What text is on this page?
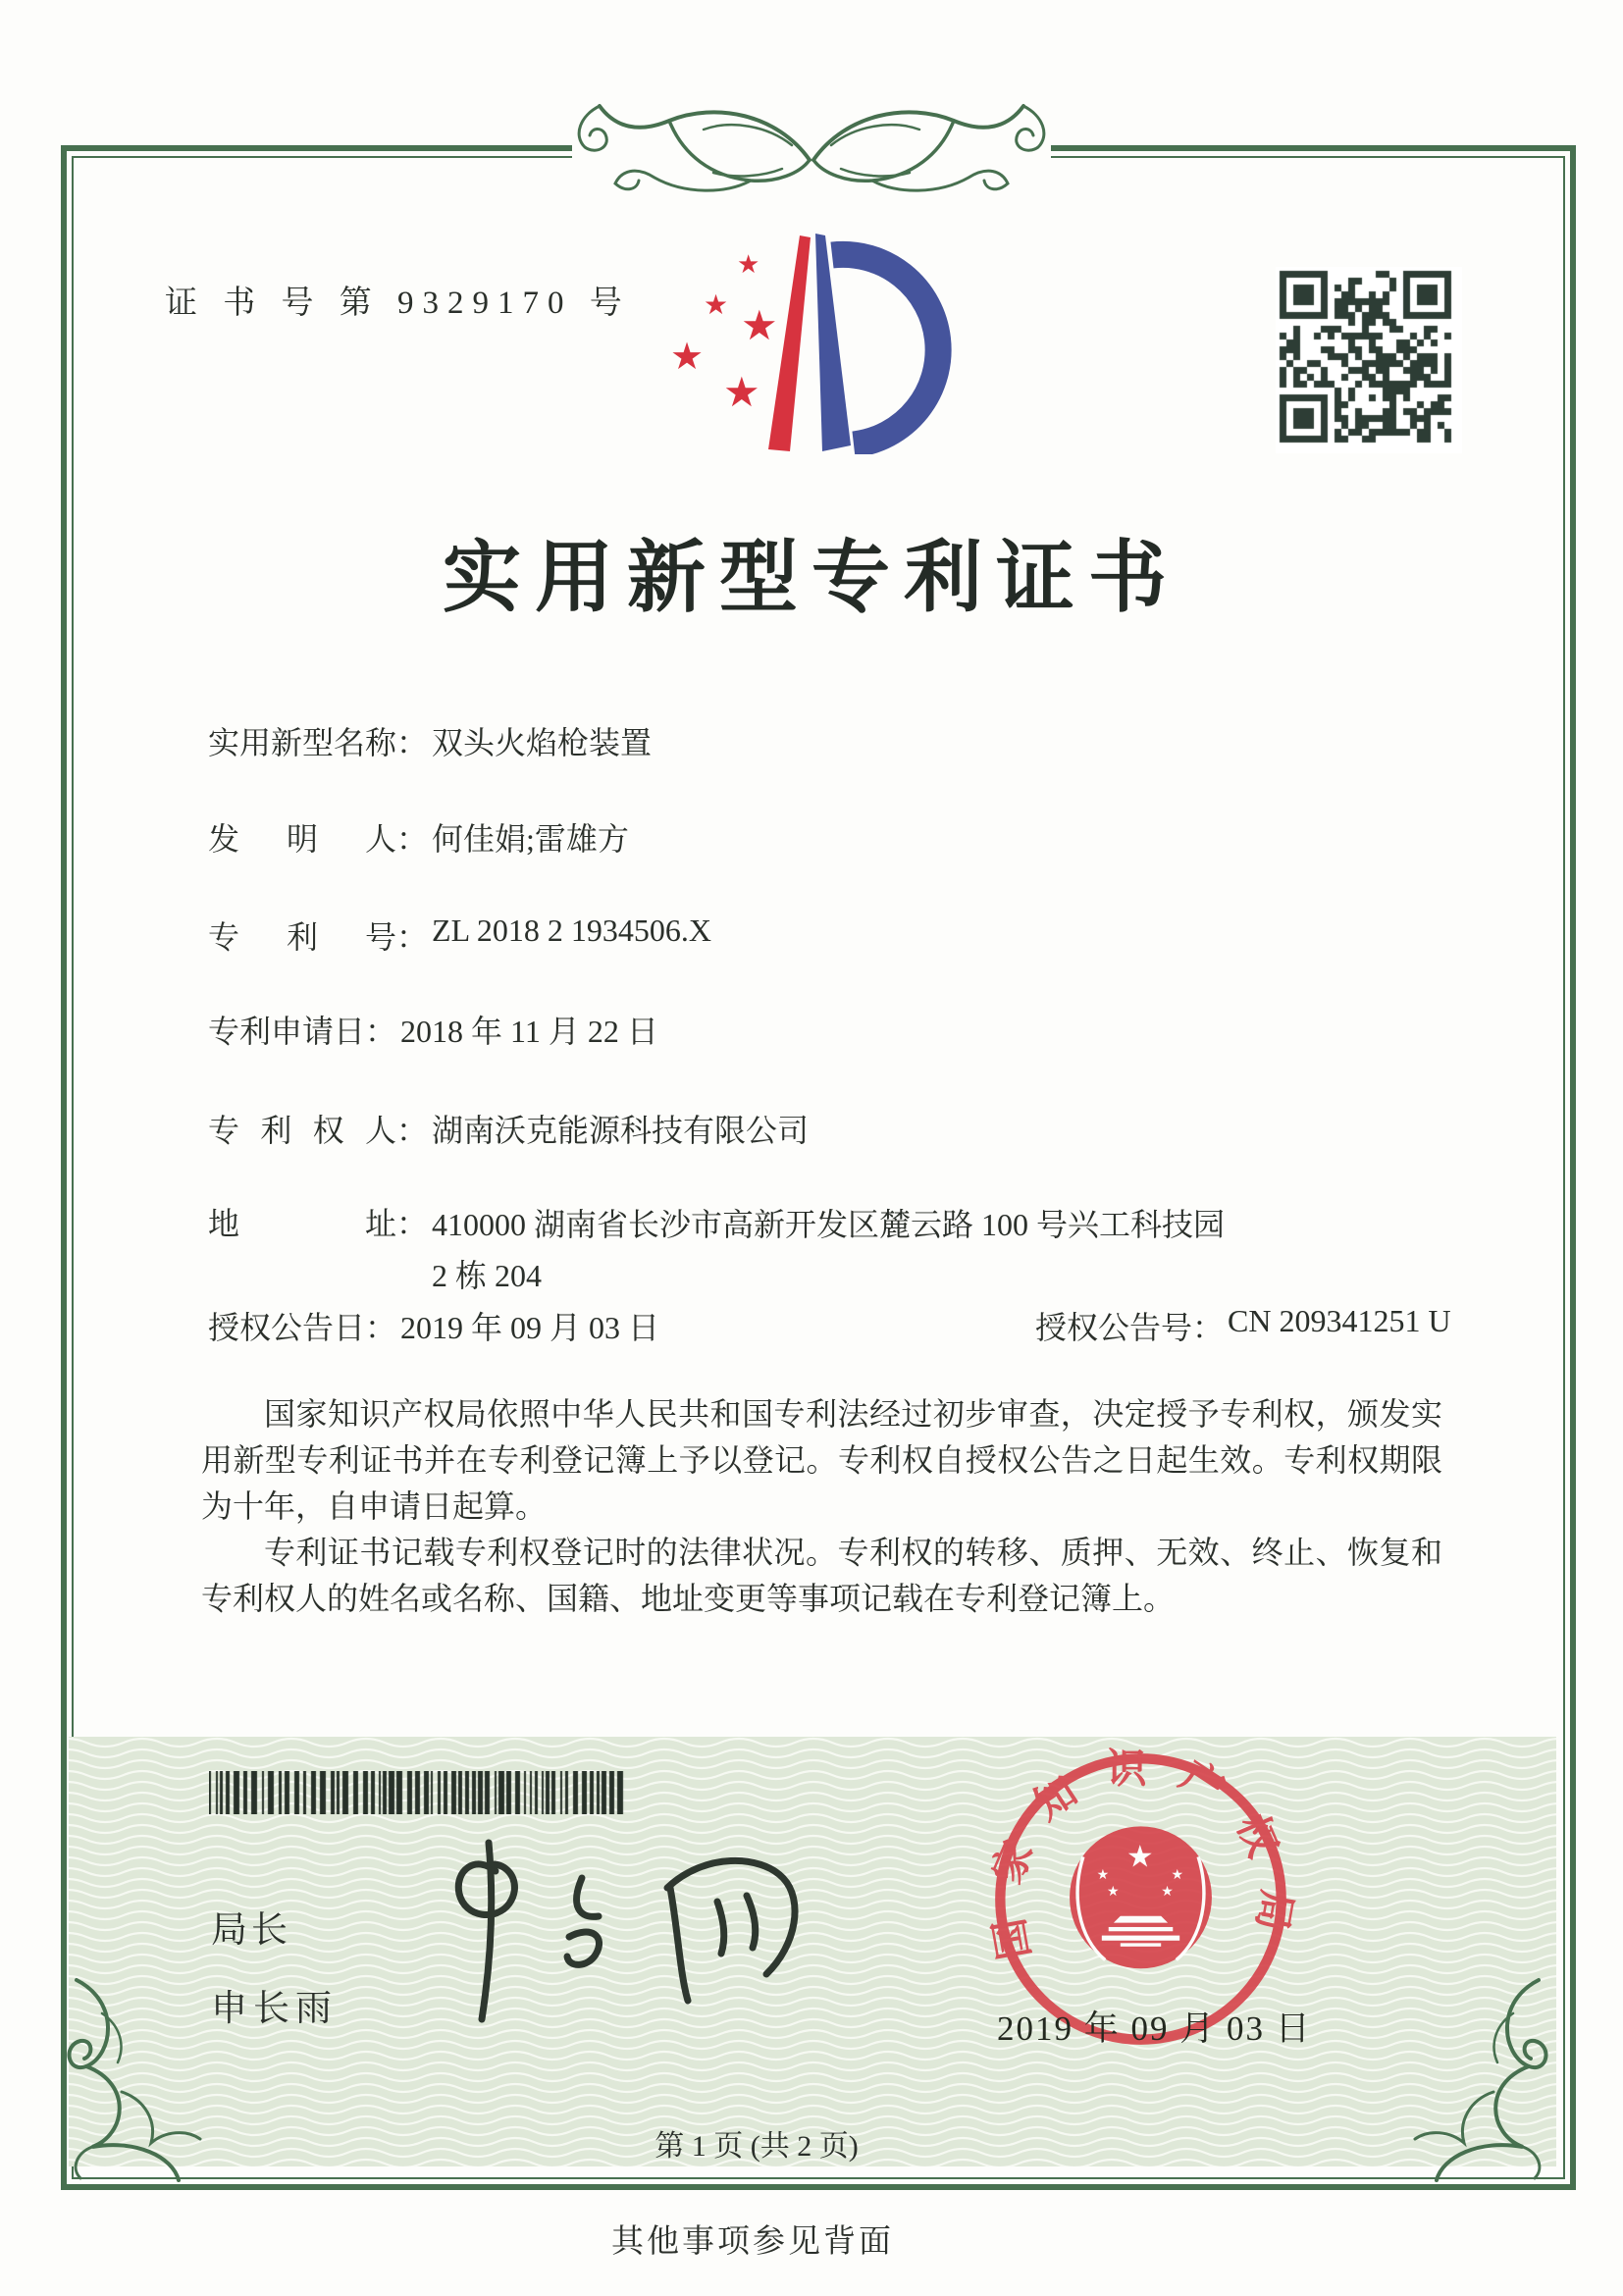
证 书 号 第 9329170 号
★
★ ★
★
★
实用新型专利证书
实用新型名称： 双头火焰枪装置
发明人： 何佳娟;雷雄方
专利号： ZL 2018 2 1934506.X
专利申请日： 2018 年 11 月 22 日
专利权人： 湖南沃克能源科技有限公司
地址： 410000 湖南省长沙市高新开发区麓云路 100 号兴工科技园
2 栋 204
授权公告日： 2019 年 09 月 03 日	授权公告号： CN 209341251 U

国家知识产权局依照中华人民共和国专利法经过初步审查，决定授予专利权，颁发实用新型专利证书并在专利登记簿上予以登记。专利权自授权公告之日起生效。专利权期限为十年，自申请日起算。

专利证书记载专利权登记时的法律状况。专利权的转移、质押、无效、终止、恢复和专利权人的姓名或名称、国籍、地址变更等事项记载在专利登记簿上。

局长
申长雨
国家知识产权局
★
★	★
★	★
2019 年 09 月 03 日
第 1 页 (共 2 页)
其他事项参见背面
